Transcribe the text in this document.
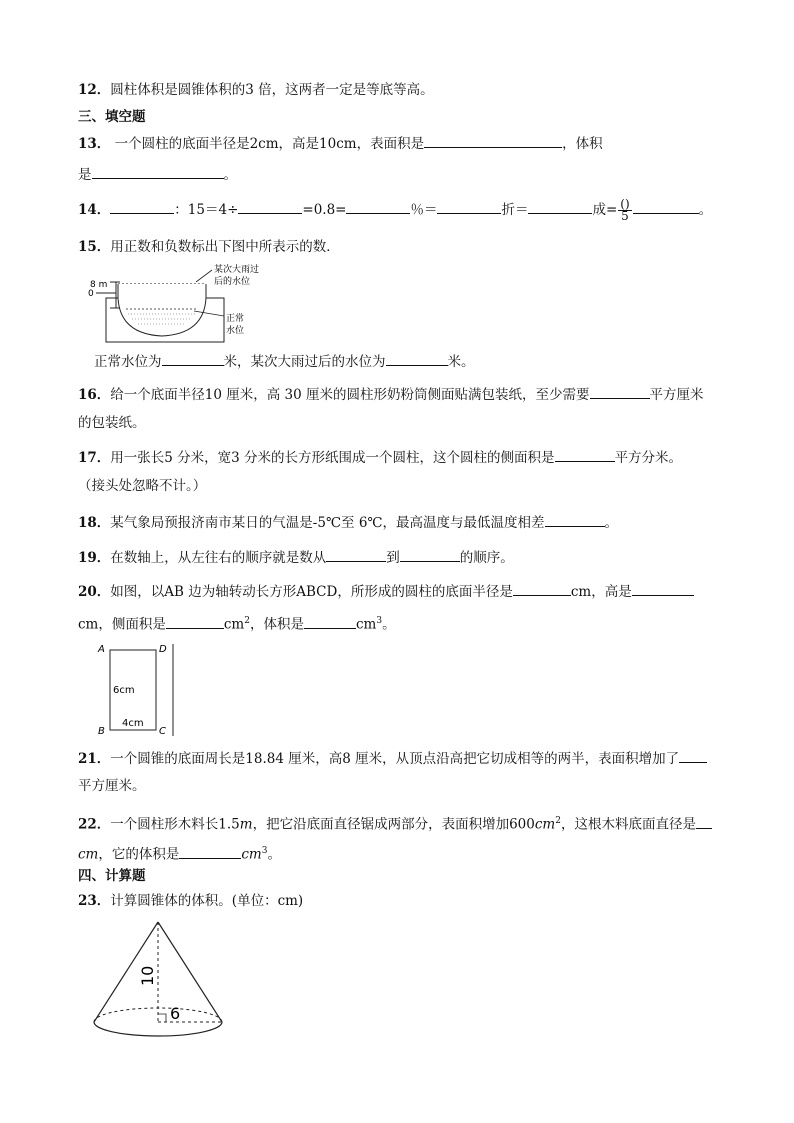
12．圆柱体积是圆锥体积的3 倍，这两者一定是等底等高。
三、填空题
13． 一个圆柱的底面半径是2cm，高是10cm，表面积是	，体积
是	。
14．	：15＝4÷	=0.8=	％＝	折＝	成= $\frac{()}{5}$	。
15．用正数和负数标出下图中所表示的数．
8 m
0
某次大雨过
后的水位
正常
水位
正常水位为	米，某次大雨过后的水位为	米。
16．给一个底面半径10 厘米，高 30 厘米的圆柱形奶粉筒侧面贴满包装纸，至少需要	平方厘米
的包装纸。
17．用一张长5 分米，宽3 分米的长方形纸围成一个圆柱，这个圆柱的侧面积是	平方分米。
（接头处忽略不计。）
18．某气象局预报济南市某日的气温是-5℃至 6℃，最高温度与最低温度相差	。
19．在数轴上，从左往右的顺序就是数从	到	的顺序。
20．如图，以AB 边为轴转动长方形ABCD，所形成的圆柱的底面半径是	cm，高是
cm，侧面积是	$cm^2$，体积是	$cm^3$。
A
B	C
D
6cm
4cm
21．一个圆锥的底面周长是18.84 厘米，高8 厘米，从顶点沿高把它切成相等的两半，表面积增加了
平方厘米。
22．一个圆柱形木料长1.5m，把它沿底面直径锯成两部分，表面积增加$600cm^2$，这根木料底面直径是
cm，它的体积是	$cm^3$。
四、计算题
23．计算圆锥体的体积。(单位：cm)
10
6
